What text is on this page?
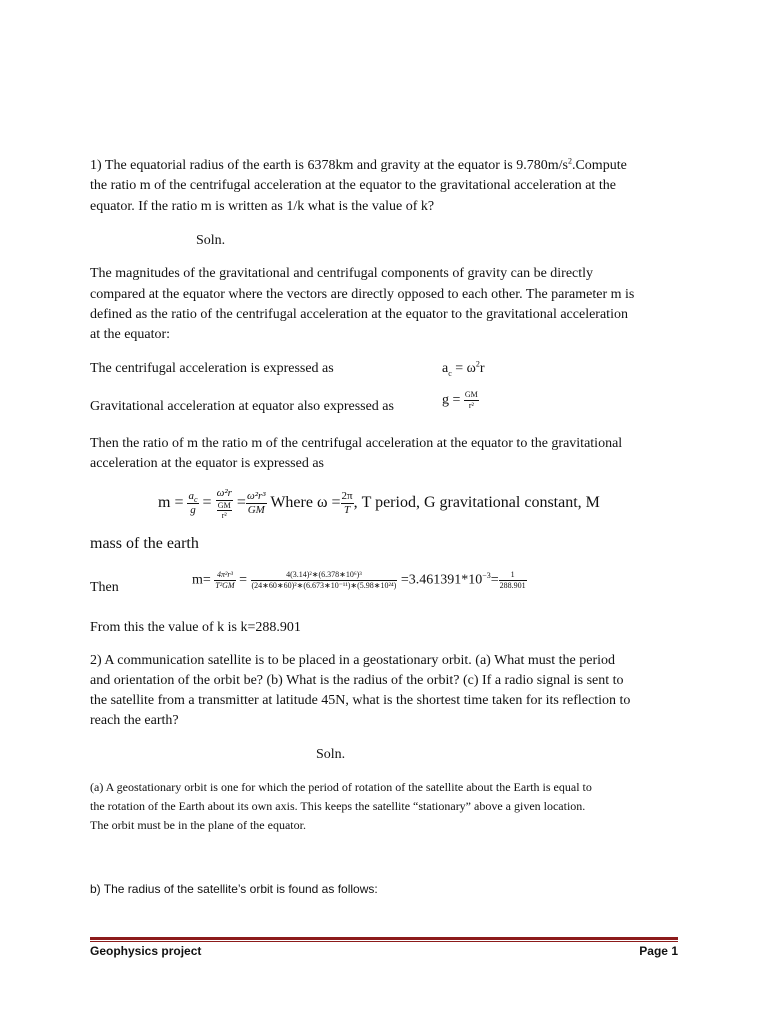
1) The equatorial radius of the earth is 6378km and gravity at the equator is $9.780m/s^2.Compute$
the ratio m of the centrifugal acceleration at the equator to the gravitational acceleration at the
equator. If the ratio m is written as 1/k what is the value of k?
Soln.
The magnitudes of the gravitational and centrifugal components of gravity can be directly
compared at the equator where the vectors are directly opposed to each other. The parameter m is
defined as the ratio of the centrifugal acceleration at the equator to the gravitational acceleration
at the equator:
The centrifugal acceleration is expressed as	$a_c = \omega^2r$
Gravitational acceleration at equator also expressed as	$g = \frac{GM}{\text{r²}}$
Then the ratio of m the ratio m of the centrifugal acceleration at the equator to the gravitational
acceleration at the equator is expressed as
$m = \frac{a_c}{g} = \frac{\text{ω²r}}{\frac{GM}{\text{r²}}} = \frac{\text{ω²r³}}{GM}$ Where $\omega = \frac{2\pi}{T}$ , T period, G gravitational constant, M
mass of the earth
Then	$m= \frac{\text{4π²r³}}{\text{T²GM}} = \frac{\text{4(3.14)²∗(6.378∗10⁶)³}}{\text{(24∗60∗60)²∗(6.673∗10⁻¹¹)∗(5.98∗10²⁴)}} =3.461391*10^{-3}= \frac{1}{288.901}$
From this the value of k is k=288.901
2) A communication satellite is to be placed in a geostationary orbit. (a) What must the period
and orientation of the orbit be? (b) What is the radius of the orbit? (c) If a radio signal is sent to
the satellite from a transmitter at latitude 45N, what is the shortest time taken for its reflection to
reach the earth?
Soln.
(a) A geostationary orbit is one for which the period of rotation of the satellite about the Earth is equal to
the rotation of the Earth about its own axis. This keeps the satellite “stationary” above a given location.
The orbit must be in the plane of the equator.
b) The radius of the satellite’s orbit is found as follows:
Geophysics project	Page 1
